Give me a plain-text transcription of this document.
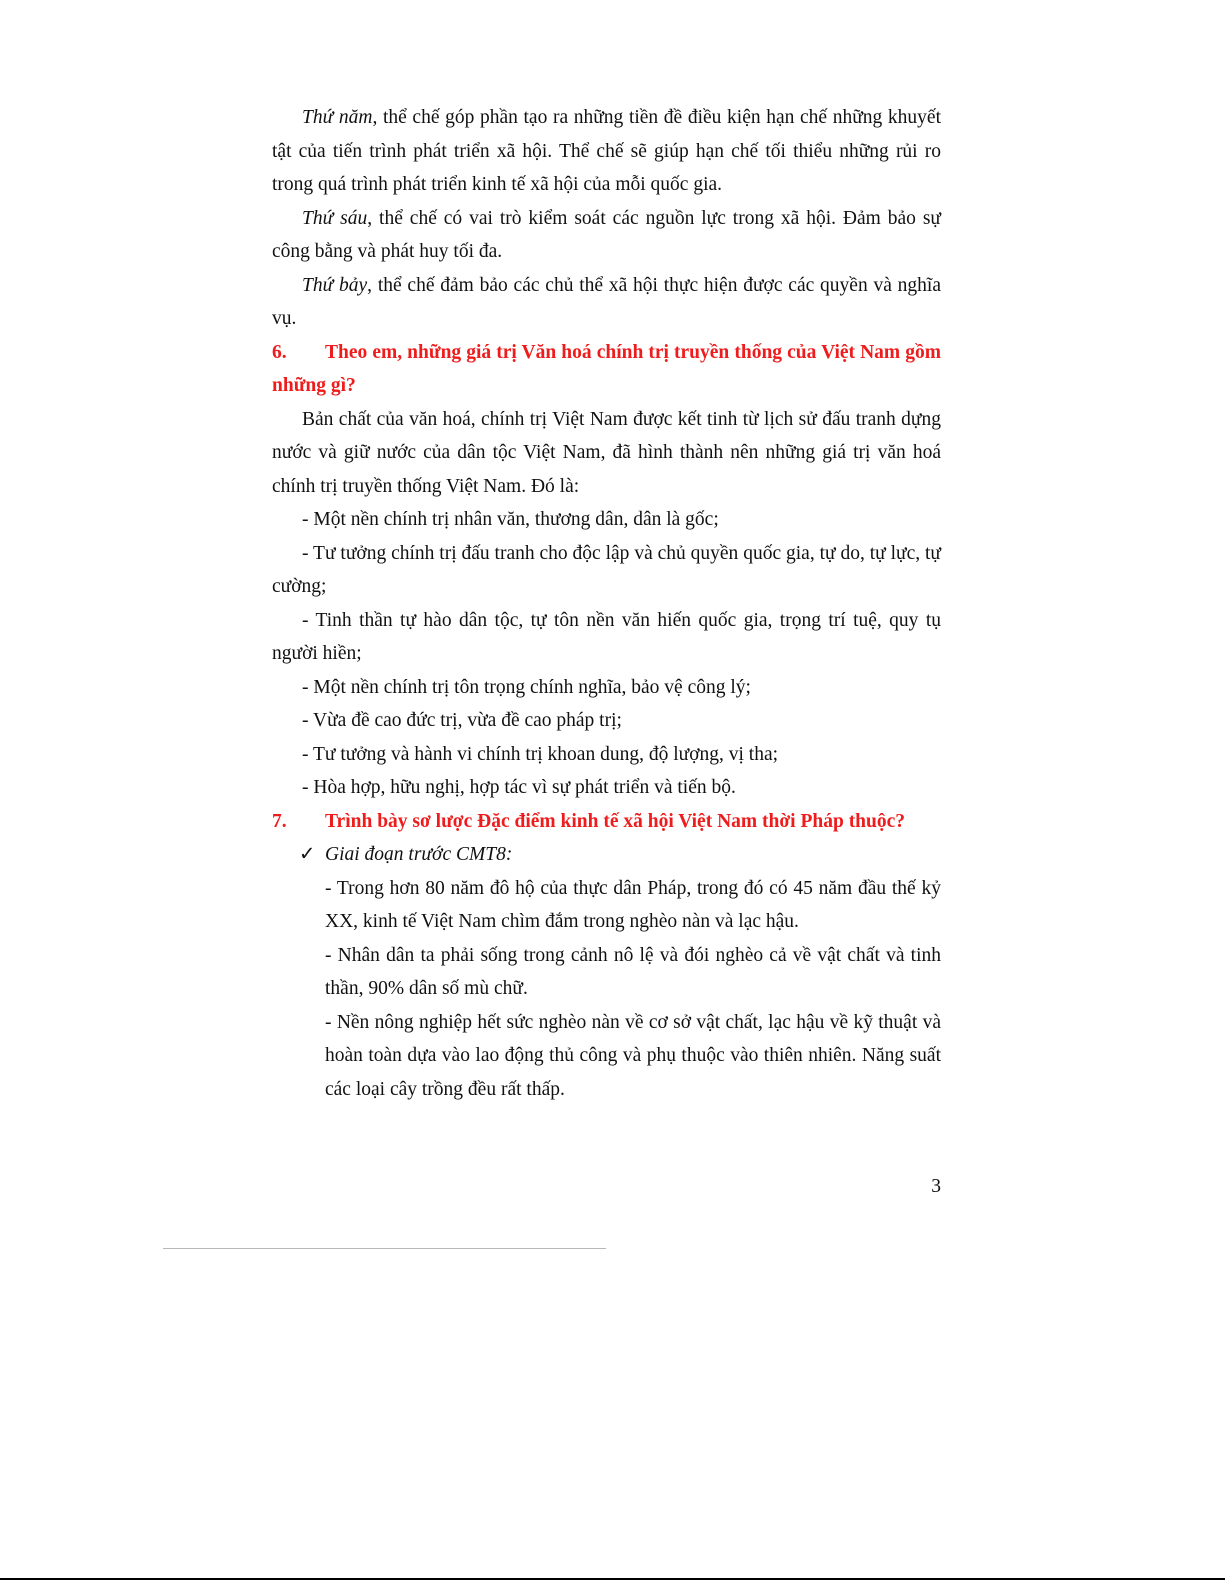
Thứ năm, thể chế góp phần tạo ra những tiền đề điều kiện hạn chế những khuyết tật của tiến trình phát triển xã hội. Thể chế sẽ giúp hạn chế tối thiểu những rủi ro trong quá trình phát triển kinh tế xã hội của mỗi quốc gia.

Thứ sáu, thể chế có vai trò kiểm soát các nguồn lực trong xã hội. Đảm bảo sự công bằng và phát huy tối đa.

Thứ bảy, thể chế đảm bảo các chủ thể xã hội thực hiện được các quyền và nghĩa vụ.

6. Theo em, những giá trị Văn hoá chính trị truyền thống của Việt Nam gồm những gì?

Bản chất của văn hoá, chính trị Việt Nam được kết tinh từ lịch sử đấu tranh dựng nước và giữ nước của dân tộc Việt Nam, đã hình thành nên những giá trị văn hoá chính trị truyền thống Việt Nam. Đó là:

- Một nền chính trị nhân văn, thương dân, dân là gốc;

- Tư tưởng chính trị đấu tranh cho độc lập và chủ quyền quốc gia, tự do, tự lực, tự cường;

- Tinh thần tự hào dân tộc, tự tôn nền văn hiến quốc gia, trọng trí tuệ, quy tụ người hiền;

- Một nền chính trị tôn trọng chính nghĩa, bảo vệ công lý;

- Vừa đề cao đức trị, vừa đề cao pháp trị;

- Tư tưởng và hành vi chính trị khoan dung, độ lượng, vị tha;

- Hòa hợp, hữu nghị, hợp tác vì sự phát triển và tiến bộ.

7. Trình bày sơ lược Đặc điểm kinh tế xã hội Việt Nam thời Pháp thuộc?

✓ Giai đoạn trước CMT8:

- Trong hơn 80 năm đô hộ của thực dân Pháp, trong đó có 45 năm đầu thế kỷ XX, kinh tế Việt Nam chìm đắm trong nghèo nàn và lạc hậu.

- Nhân dân ta phải sống trong cảnh nô lệ và đói nghèo cả về vật chất và tinh thần, 90% dân số mù chữ.

- Nền nông nghiệp hết sức nghèo nàn về cơ sở vật chất, lạc hậu về kỹ thuật và hoàn toàn dựa vào lao động thủ công và phụ thuộc vào thiên nhiên. Năng suất các loại cây trồng đều rất thấp.

3
